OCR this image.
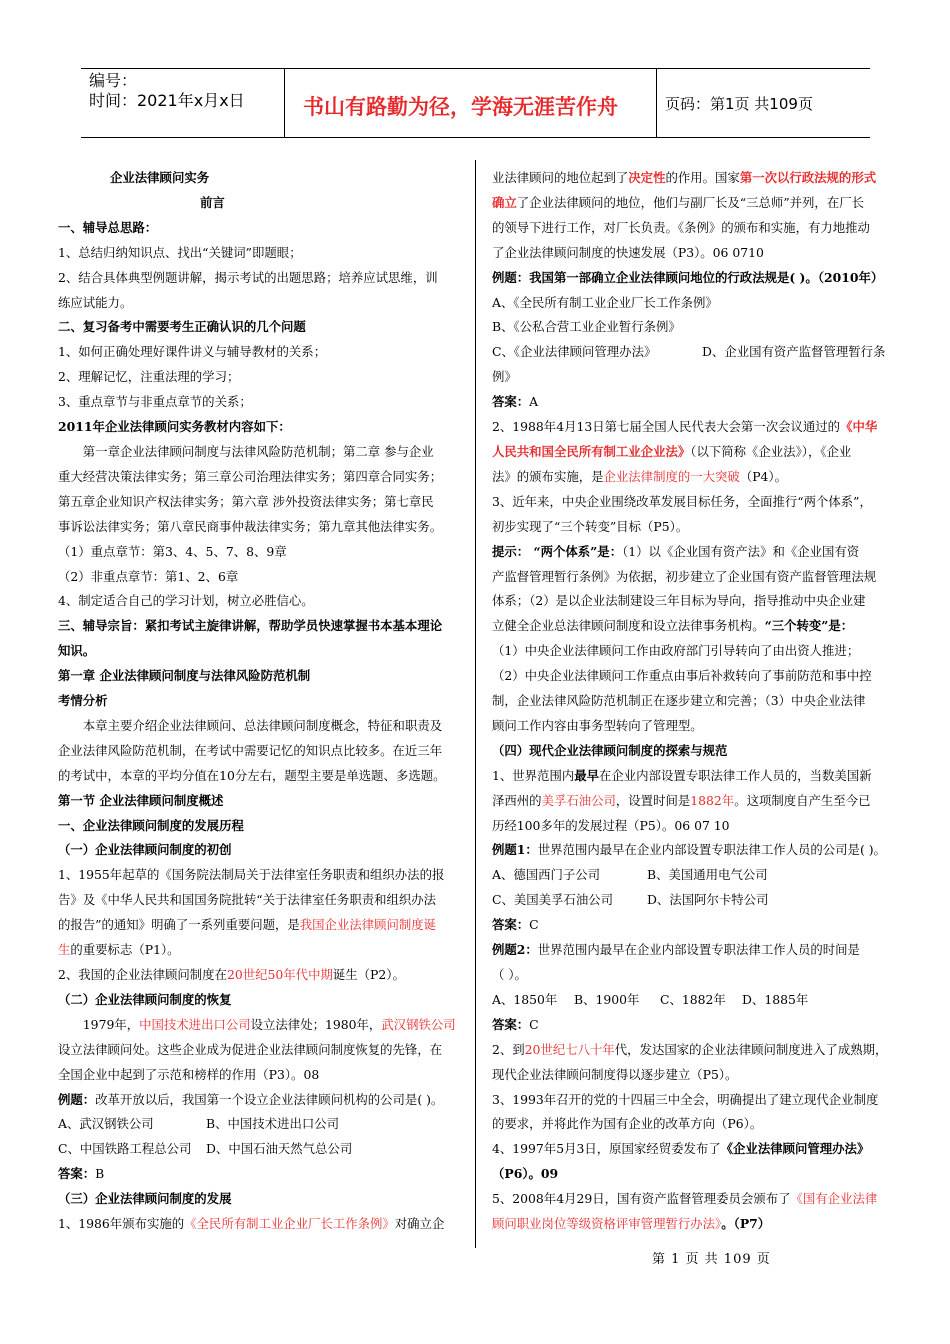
编号：
时间：2021年x月x日	书山有路勤为径，学海无涯苦作舟	页码：第1页 共109页

企业法律顾问实务

前言

一、辅导总思路：

1、总结归纳知识点、找出“关键词”即题眼；

2、结合具体典型例题讲解，揭示考试的出题思路；培养应试思维，训

练应试能力。

二、复习备考中需要考生正确认识的几个问题

1、如何正确处理好课件讲义与辅导教材的关系；

2、理解记忆，注重法理的学习；

3、重点章节与非重点章节的关系；

2011年企业法律顾问实务教材内容如下：

第一章企业法律顾问制度与法律风险防范机制；第二章 参与企业

重大经营决策法律实务；第三章公司治理法律实务；第四章合同实务；

第五章企业知识产权法律实务；第六章 涉外投资法律实务；第七章民

事诉讼法律实务；第八章民商事仲裁法律实务；第九章其他法律实务。

（1）重点章节：第3、4、5、7、8、9章

（2）非重点章节：第1、2、6章

4、制定适合自己的学习计划，树立必胜信心。

三、辅导宗旨：紧扣考试主旋律讲解，帮助学员快速掌握书本基本理论

知识。

第一章 企业法律顾问制度与法律风险防范机制

考情分析

本章主要介绍企业法律顾问、总法律顾问制度概念，特征和职责及

企业法律风险防范机制，在考试中需要记忆的知识点比较多。在近三年

的考试中，本章的平均分值在10分左右，题型主要是单选题、多选题。

第一节 企业法律顾问制度概述

一、企业法律顾问制度的发展历程

（一）企业法律顾问制度的初创

1、1955年起草的《国务院法制局关于法律室任务职责和组织办法的报

告》及《中华人民共和国国务院批转“关于法律室任务职责和组织办法

的报告”的通知》明确了一系列重要问题，是我国企业法律顾问制度诞

生的重要标志（P1）。

2、我国的企业法律顾问制度在20世纪50年代中期诞生（P2）。

（二）企业法律顾问制度的恢复

1979年，中国技术进出口公司设立法律处；1980年，武汉钢铁公司

设立法律顾问处。这些企业成为促进企业法律顾问制度恢复的先锋，在

全国企业中起到了示范和榜样的作用（P3）。08

例题：改革开放以后，我国第一个设立企业法律顾问机构的公司是( )。

A、武汉钢铁公司	B、中国技术进出口公司

C、中国铁路工程总公司 D、中国石油天然气总公司

答案：B

（三）企业法律顾问制度的发展

1、1986年颁布实施的《全民所有制工业企业厂长工作条例》对确立企

业法律顾问的地位起到了决定性的作用。国家第一次以行政法规的形式

确立了企业法律顾问的地位，他们与副厂长及“三总师”并列，在厂长

的领导下进行工作，对厂长负责。《条例》的颁布和实施，有力地推动

了企业法律顾问制度的快速发展（P3）。06 0710

例题：我国第一部确立企业法律顾问地位的行政法规是( )。（2010年）

A、《全民所有制工业企业厂长工作条例》

B、《公私合营工业企业暂行条例》

C、《企业法律顾问管理办法》	D、企业国有资产监督管理暂行条

例》

答案：A

2、1988年4月13日第七届全国人民代表大会第一次会议通过的《中华

人民共和国全民所有制工业企业法》（以下简称《企业法》），《企业

法》的颁布实施，是企业法律制度的一大突破（P4）。

3、近年来，中央企业围绕改革发展目标任务，全面推行“两个体系”，

初步实现了“三个转变”目标（P5）。

提示： “两个体系”是：（1）以《企业国有资产法》和《企业国有资

产监督管理暂行条例》为依据，初步建立了企业国有资产监督管理法规

体系；（2）是以企业法制建设三年目标为导向，指导推动中央企业建

立健全企业总法律顾问制度和设立法律事务机构。“三个转变”是：

（1）中央企业法律顾问工作由政府部门引导转向了由出资人推进；

（2）中央企业法律顾问工作重点由事后补救转向了事前防范和事中控

制，企业法律风险防范机制正在逐步建立和完善；（3）中央企业法律

顾问工作内容由事务型转向了管理型。

（四）现代企业法律顾问制度的探索与规范

1、世界范围内最早在企业内部设置专职法律工作人员的，当数美国新

泽西州的美孚石油公司，设置时间是1882年。这项制度自产生至今已

历经100多年的发展过程（P5）。06 07 10

例题1：世界范围内最早在企业内部设置专职法律工作人员的公司是( )。

A、德国西门子公司	B、美国通用电气公司

C、美国美孚石油公司	D、法国阿尔卡特公司

答案：C

例题2：世界范围内最早在企业内部设置专职法律工作人员的时间是

（ ）。

A、1850年 B、1900年 C、1882年 D、1885年

答案：C

2、到20世纪七八十年代，发达国家的企业法律顾问制度进入了成熟期，

现代企业法律顾问制度得以逐步建立（P5）。

3、1993年召开的党的十四届三中全会，明确提出了建立现代企业制度

的要求，并将此作为国有企业的改革方向（P6）。

4、1997年5月3日，原国家经贸委发布了《企业法律顾问管理办法》

（P6）。09

5、2008年4月29日，国有资产监督管理委员会颁布了《国有企业法律

顾问职业岗位等级资格评审管理暂行办法》。（P7）

第 1 页 共 109 页
